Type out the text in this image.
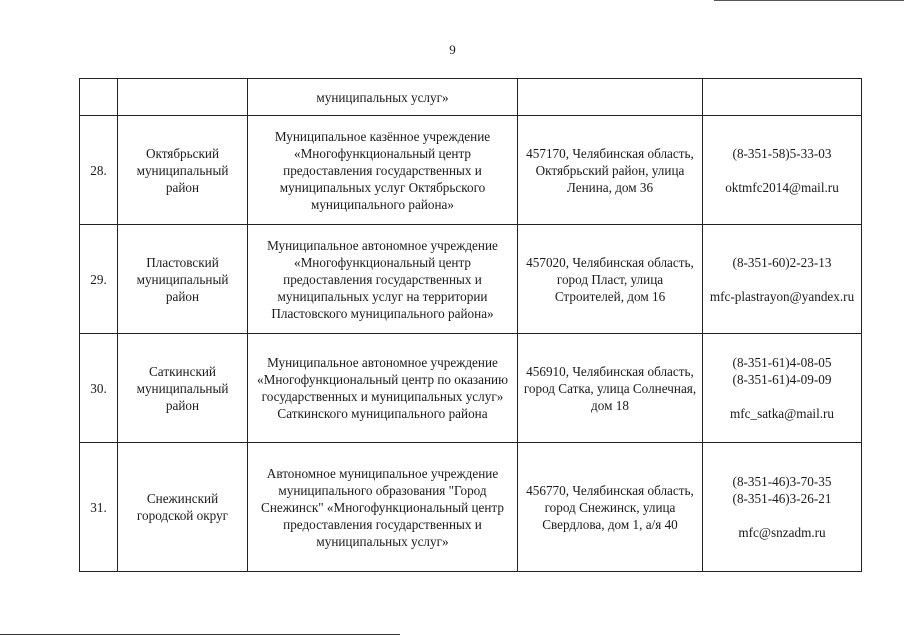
9
		муниципальных услуг»		
28.	Октябрьский муниципальный район	Муниципальное казённое учреждение «Многофункциональный центр предоставления государственных и муниципальных услуг Октябрьского муниципального района»	457170, Челябинская область, Октябрьский район, улица Ленина, дом 36	(8-351-58)5-33-03
oktmfc2014@mail.ru

29.	Пластовский муниципальный район	Муниципальное автономное учреждение «Многофункциональный центр предоставления государственных и муниципальных услуг на территории Пластовского муниципального района»	457020, Челябинская область, город Пласт, улица Строителей, дом 16	(8-351-60)2-23-13
mfc-plastrayon@yandex.ru

30.	Саткинский муниципальный район	Муниципальное автономное учреждение «Многофункциональный центр по оказанию государственных и муниципальных услуг» Саткинского муниципального района	456910, Челябинская область, город Сатка, улица Солнечная, дом 18	(8-351-61)4-08-05
(8-351-61)4-09-09
mfc_satka@mail.ru

31.	Снежинский городской округ	Автономное муниципальное учреждение муниципального образования "Город Снежинск" «Многофункциональный центр предоставления государственных и муниципальных услуг»	456770, Челябинская область, город Снежинск, улица Свердлова, дом 1, а/я 40	(8-351-46)3-70-35
(8-351-46)3-26-21
mfc@snzadm.ru
